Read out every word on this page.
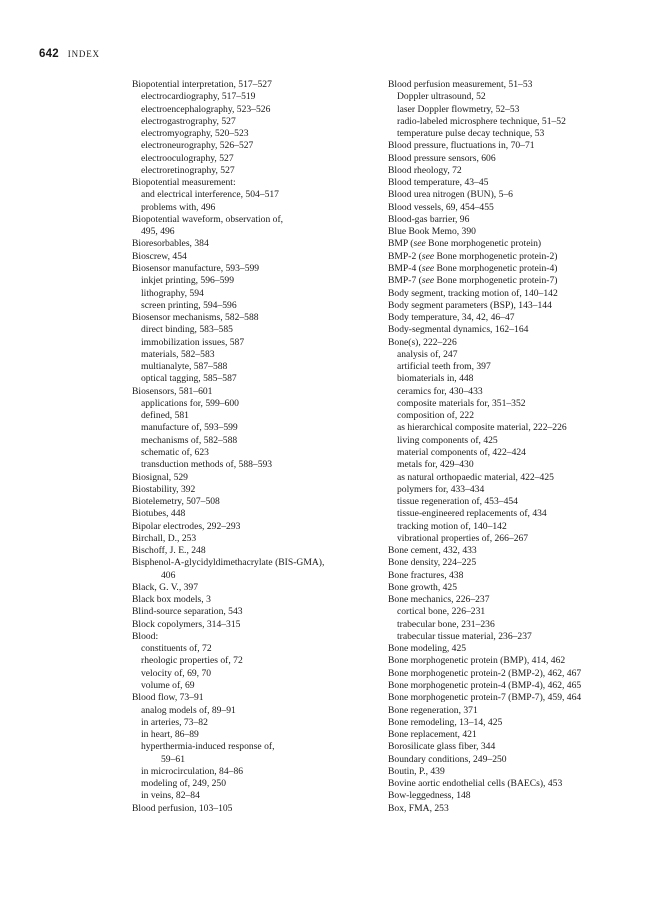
642 INDEX
Biopotential interpretation, 517–527
electrocardiography, 517–519
electroencephalography, 523–526
electrogastrography, 527
electromyography, 520–523
electroneurography, 526–527
electrooculography, 527
electroretinography, 527
Biopotential measurement:
and electrical interference, 504–517
problems with, 496
Biopotential waveform, observation of,
495, 496
Bioresorbables, 384
Bioscrew, 454
Biosensor manufacture, 593–599
inkjet printing, 596–599
lithography, 594
screen printing, 594–596
Biosensor mechanisms, 582–588
direct binding, 583–585
immobilization issues, 587
materials, 582–583
multianalyte, 587–588
optical tagging, 585–587
Biosensors, 581–601
applications for, 599–600
defined, 581
manufacture of, 593–599
mechanisms of, 582–588
schematic of, 623
transduction methods of, 588–593
Biosignal, 529
Biostability, 392
Biotelemetry, 507–508
Biotubes, 448
Bipolar electrodes, 292–293
Birchall, D., 253
Bischoff, J. E., 248
Bisphenol-A-glycidyldimethacrylate (BIS-GMA),
406
Black, G. V., 397
Black box models, 3
Blind-source separation, 543
Block copolymers, 314–315
Blood:
constituents of, 72
rheologic properties of, 72
velocity of, 69, 70
volume of, 69
Blood flow, 73–91
analog models of, 89–91
in arteries, 73–82
in heart, 86–89
hyperthermia-induced response of,
59–61
in microcirculation, 84–86
modeling of, 249, 250
in veins, 82–84
Blood perfusion, 103–105
Blood perfusion measurement, 51–53
Doppler ultrasound, 52
laser Doppler flowmetry, 52–53
radio-labeled microsphere technique, 51–52
temperature pulse decay technique, 53
Blood pressure, fluctuations in, 70–71
Blood pressure sensors, 606
Blood rheology, 72
Blood temperature, 43–45
Blood urea nitrogen (BUN), 5–6
Blood vessels, 69, 454–455
Blood-gas barrier, 96
Blue Book Memo, 390
BMP (see Bone morphogenetic protein)
BMP-2 (see Bone morphogenetic protein-2)
BMP-4 (see Bone morphogenetic protein-4)
BMP-7 (see Bone morphogenetic protein-7)
Body segment, tracking motion of, 140–142
Body segment parameters (BSP), 143–144
Body temperature, 34, 42, 46–47
Body-segmental dynamics, 162–164
Bone(s), 222–226
analysis of, 247
artificial teeth from, 397
biomaterials in, 448
ceramics for, 430–433
composite materials for, 351–352
composition of, 222
as hierarchical composite material, 222–226
living components of, 425
material components of, 422–424
metals for, 429–430
as natural orthopaedic material, 422–425
polymers for, 433–434
tissue regeneration of, 453–454
tissue-engineered replacements of, 434
tracking motion of, 140–142
vibrational properties of, 266–267
Bone cement, 432, 433
Bone density, 224–225
Bone fractures, 438
Bone growth, 425
Bone mechanics, 226–237
cortical bone, 226–231
trabecular bone, 231–236
trabecular tissue material, 236–237
Bone modeling, 425
Bone morphogenetic protein (BMP), 414, 462
Bone morphogenetic protein-2 (BMP-2), 462, 467
Bone morphogenetic protein-4 (BMP-4), 462, 465
Bone morphogenetic protein-7 (BMP-7), 459, 464
Bone regeneration, 371
Bone remodeling, 13–14, 425
Bone replacement, 421
Borosilicate glass fiber, 344
Boundary conditions, 249–250
Boutin, P., 439
Bovine aortic endothelial cells (BAECs), 453
Bow-leggedness, 148
Box, FMA, 253
